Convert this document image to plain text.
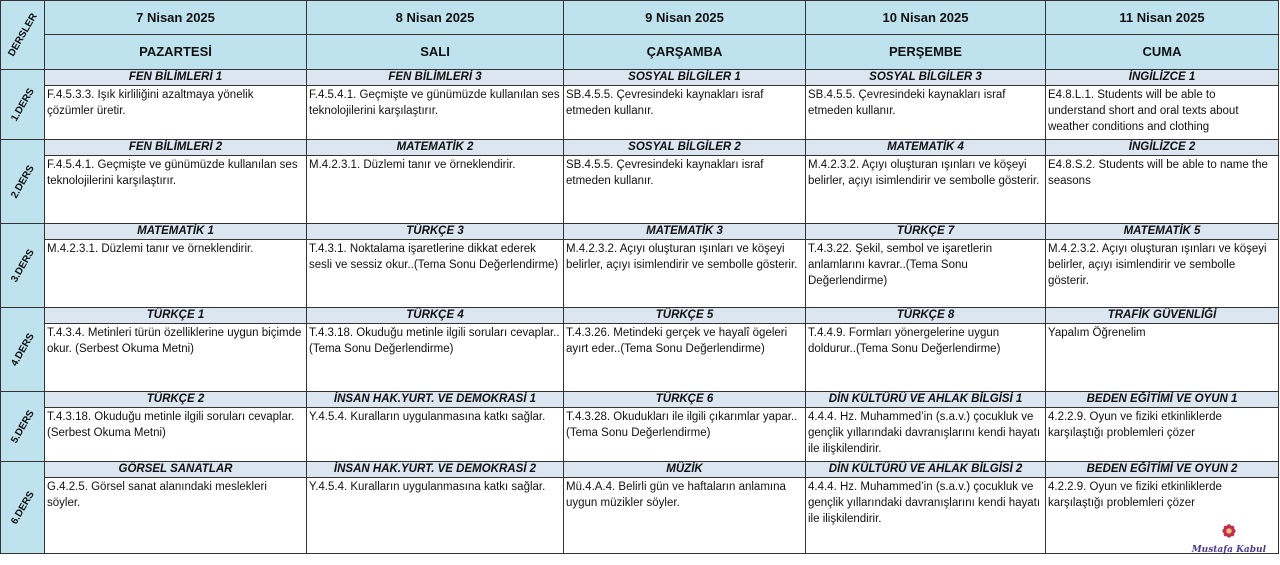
DERSLER	7 Nisan 2025	8 Nisan 2025	9 Nisan 2025	10 Nisan 2025	11 Nisan 2025
	PAZARTESİ	SALI	ÇARŞAMBA	PERŞEMBE	CUMA

1.DERS	FEN BİLİMLERİ 1	FEN BİLİMLERİ 3	SOSYAL BİLGİLER 1	SOSYAL BİLGİLER 3	İNGİLİZCE 1
	F.4.5.3.3. Işık kirliliğini azaltmaya yönelik çözümler üretir.	F.4.5.4.1. Geçmişte ve günümüzde kullanılan ses teknolojilerini karşılaştırır.	SB.4.5.5. Çevresindeki kaynakları israf etmeden kullanır.	SB.4.5.5. Çevresindeki kaynakları israf etmeden kullanır.	E4.8.L.1. Students will be able to understand short and oral texts about weather conditions and clothing

2.DERS	FEN BİLİMLERİ 2	MATEMATİK 2	SOSYAL BİLGİLER 2	MATEMATİK 4	İNGİLİZCE 2
	F.4.5.4.1. Geçmişte ve günümüzde kullanılan ses teknolojilerini karşılaştırır.	M.4.2.3.1. Düzlemi tanır ve örneklendirir.	SB.4.5.5. Çevresindeki kaynakları israf etmeden kullanır.	M.4.2.3.2. Açıyı oluşturan ışınları ve köşeyi belirler, açıyı isimlendirir ve sembolle gösterir.	E4.8.S.2. Students will be able to name the seasons

3.DERS	MATEMATİK 1	TÜRKÇE 3	MATEMATİK 3	TÜRKÇE 7	MATEMATİK 5
	M.4.2.3.1. Düzlemi tanır ve örneklendirir.	T.4.3.1. Noktalama işaretlerine dikkat ederek sesli ve sessiz okur..(Tema Sonu Değerlendirme)	M.4.2.3.2. Açıyı oluşturan ışınları ve köşeyi belirler, açıyı isimlendirir ve sembolle gösterir.	T.4.3.22. Şekil, sembol ve işaretlerin anlamlarını kavrar..(Tema Sonu Değerlendirme)	M.4.2.3.2. Açıyı oluşturan ışınları ve köşeyi belirler, açıyı isimlendirir ve sembolle gösterir.

4.DERS	TÜRKÇE 1	TÜRKÇE 4	TÜRKÇE 5	TÜRKÇE 8	TRAFİK GÜVENLİĞİ
	T.4.3.4. Metinleri türün özelliklerine uygun biçimde okur. (Serbest Okuma Metni)	T.4.3.18. Okuduğu metinle ilgili soruları cevaplar..(Tema Sonu Değerlendirme)	T.4.3.26. Metindeki gerçek ve hayalî ögeleri ayırt eder..(Tema Sonu Değerlendirme)	T.4.4.9. Formları yönergelerine uygun doldurur..(Tema Sonu Değerlendirme)	Yapalım Öğrenelim

5.DERS	TÜRKÇE 2	İNSAN HAK.YURT. VE DEMOKRASİ 1	TÜRKÇE 6	DİN KÜLTÜRÜ VE AHLAK BİLGİSİ 1	BEDEN EĞİTİMİ VE OYUN 1
	T.4.3.18. Okuduğu metinle ilgili soruları cevaplar. (Serbest Okuma Metni)	Y.4.5.4. Kuralların uygulanmasına katkı sağlar.	T.4.3.28. Okudukları ile ilgili çıkarımlar yapar..(Tema Sonu Değerlendirme)	4.4.4. Hz. Muhammed’in (s.a.v.) çocukluk ve gençlik yıllarındaki davranışlarını kendi hayatı ile ilişkilendirir.	4.2.2.9. Oyun ve fiziki etkinliklerde karşılaştığı problemleri çözer

6.DERS	GÖRSEL SANATLAR	İNSAN HAK.YURT. VE DEMOKRASİ 2	MÜZİK	DİN KÜLTÜRÜ VE AHLAK BİLGİSİ 2	BEDEN EĞİTİMİ VE OYUN 2
	G.4.2.5. Görsel sanat alanındaki meslekleri söyler.	Y.4.5.4. Kuralların uygulanmasına katkı sağlar.	Mü.4.A.4. Belirli gün ve haftaların anlamına uygun müzikler söyler.	4.4.4. Hz. Muhammed’in (s.a.v.) çocukluk ve gençlik yıllarındaki davranışlarını kendi hayatı ile ilişkilendirir.	4.2.2.9. Oyun ve fiziki etkinliklerde karşılaştığı problemleri çözer
Mustafa Kabul
